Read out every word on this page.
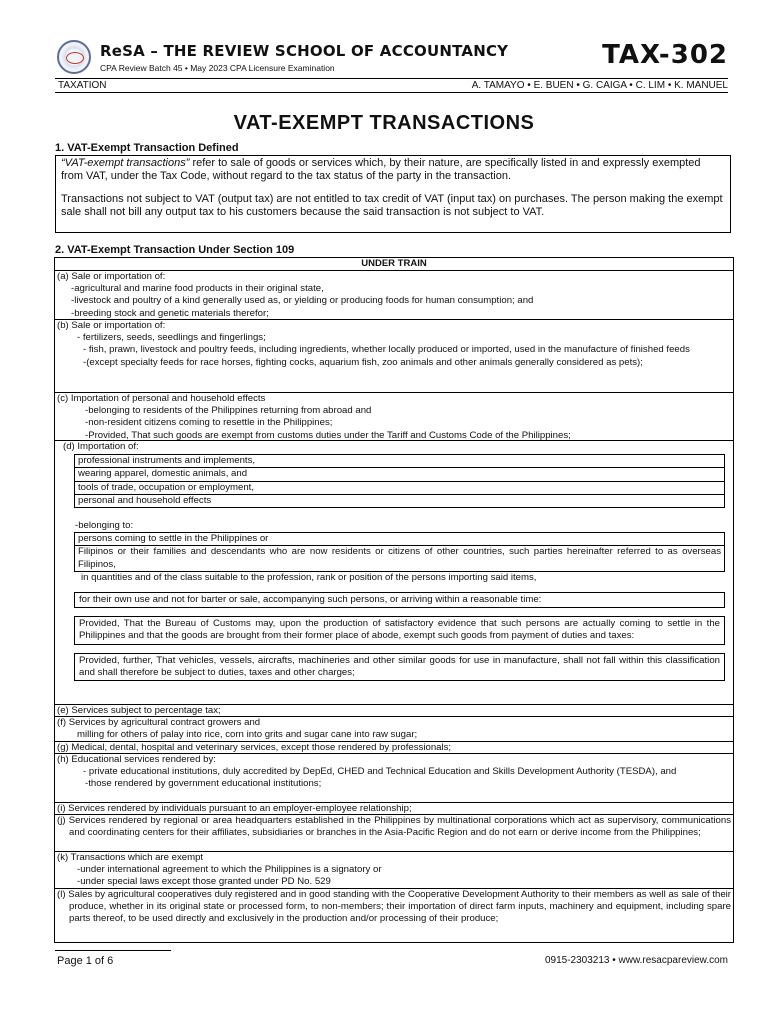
ReSA – THE REVIEW SCHOOL OF ACCOUNTANCY
CPA Review Batch 45 • May 2023 CPA Licensure Examination	TAX-302
TAXATION	A. TAMAYO • E. BUEN • G. CAIGA • C. LIM • K. MANUEL
VAT-EXEMPT TRANSACTIONS
1. VAT-Exempt Transaction Defined

“VAT-exempt transactions” refer to sale of goods or services which, by their nature, are specifically listed in and expressly exempted from VAT, under the Tax Code, without regard to the tax status of the party in the transaction.

Transactions not subject to VAT (output tax) are not entitled to tax credit of VAT (input tax) on purchases. The person making the exempt sale shall not bill any output tax to his customers because the said transaction is not subject to VAT.

2. VAT-Exempt Transaction Under Section 109
UNDER TRAIN
(a) Sale or importation of:
-agricultural and marine food products in their original state,
-livestock and poultry of a kind generally used as, or yielding or producing foods for human consumption; and
-breeding stock and genetic materials therefor;
(b) Sale or importation of:
- fertilizers, seeds, seedlings and fingerlings;
- fish, prawn, livestock and poultry feeds, including ingredients, whether locally produced or imported, used in the manufacture of finished feeds
-(except specialty feeds for race horses, fighting cocks, aquarium fish, zoo animals and other animals generally considered as pets);
(c) Importation of personal and household effects
-belonging to residents of the Philippines returning from abroad and
-non-resident citizens coming to resettle in the Philippines;
-Provided, That such goods are exempt from customs duties under the Tariff and Customs Code of the Philippines;
(d) Importation of:
professional instruments and implements,
wearing apparel, domestic animals, and
tools of trade, occupation or employment,
personal and household effects
-belonging to:
persons coming to settle in the Philippines or
Filipinos or their families and descendants who are now residents or citizens of other countries, such parties hereinafter referred to as overseas Filipinos,
in quantities and of the class suitable to the profession, rank or position of the persons importing said items,
for their own use and not for barter or sale, accompanying such persons, or arriving within a reasonable time:
Provided, That the Bureau of Customs may, upon the production of satisfactory evidence that such persons are actually coming to settle in the Philippines and that the goods are brought from their former place of abode, exempt such goods from payment of duties and taxes:
Provided, further, That vehicles, vessels, aircrafts, machineries and other similar goods for use in manufacture, shall not fall within this classification and shall therefore be subject to duties, taxes and other charges;
(e) Services subject to percentage tax;
(f) Services by agricultural contract growers and
milling for others of palay into rice, corn into grits and sugar cane into raw sugar;
(g) Medical, dental, hospital and veterinary services, except those rendered by professionals;
(h) Educational services rendered by:
- private educational institutions, duly accredited by DepEd, CHED and Technical Education and Skills Development Authority (TESDA), and
-those rendered by government educational institutions;
(i) Services rendered by individuals pursuant to an employer-employee relationship;
(j) Services rendered by regional or area headquarters established in the Philippines by multinational corporations which act as supervisory, communications and coordinating centers for their affiliates, subsidiaries or branches in the Asia-Pacific Region and do not earn or derive income from the Philippines;
(k) Transactions which are exempt
-under international agreement to which the Philippines is a signatory or
-under special laws except those granted under PD No. 529
(l) Sales by agricultural cooperatives duly registered and in good standing with the Cooperative Development Authority to their members as well as sale of their produce, whether in its original state or processed form, to non-members; their importation of direct farm inputs, machinery and equipment, including spare parts thereof, to be used directly and exclusively in the production and/or processing of their produce;
Page 1 of 6	0915-2303213 • www.resacpareview.com
